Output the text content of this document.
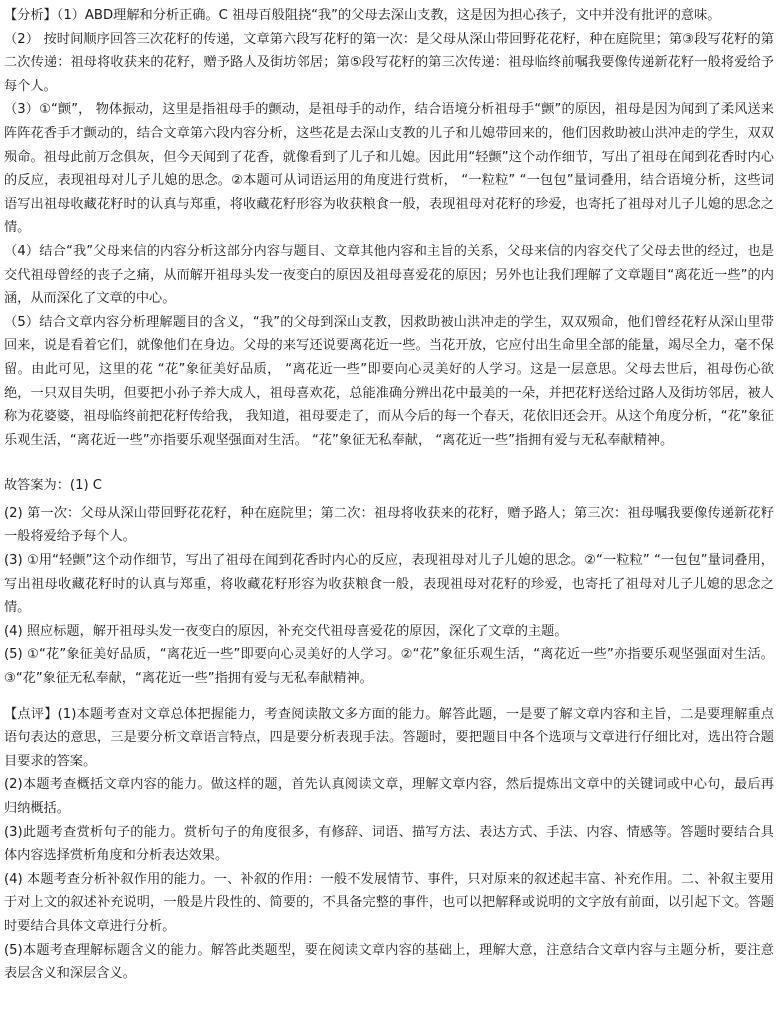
【分析】（1）ABD理解和分析正确。C 祖母百般阻挠“我”的父母去深山支教，这是因为担心孩子，文中并没有批评的意味。

（2） 按时间顺序回答三次花籽的传递，文章第六段写花籽的第一次：是父母从深山带回野花花籽，种在庭院里；第③段写花籽的第二次传递：祖母将收获来的花籽，赠予路人及街坊邻居；第⑤段写花籽的第三次传递：祖母临终前嘱我要像传递新花籽一般将爱给予每个人。

（3）①“颤”， 物体振动，这里是指祖母手的颤动，是祖母手的动作，结合语境分析祖母手“颤”的原因，祖母是因为闻到了柔风送来阵阵花香手才颤动的，结合文章第六段内容分析，这些花是去深山支教的儿子和儿媳带回来的，他们因救助被山洪冲走的学生，双双殒命。祖母此前万念俱灰，但今天闻到了花香，就像看到了儿子和儿媳。因此用“轻颤”这个动作细节，写出了祖母在闻到花香时内心的反应，表现祖母对儿子儿媳的思念。②本题可从词语运用的角度进行赏析， “一粒粒” “一包包”量词叠用，结合语境分析，这些词语写出祖母收藏花籽时的认真与郑重，将收藏花籽形容为收获粮食一般，表现祖母对花籽的珍爱，也寄托了祖母对儿子儿媳的思念之情。

（4）结合“我”父母来信的内容分析这部分内容与题目、文章其他内容和主旨的关系，父母来信的内容交代了父母去世的经过，也是交代祖母曾经的丧子之痛，从而解开祖母头发一夜变白的原因及祖母喜爱花的原因；另外也让我们理解了文章题目“离花近一些”的内涵，从而深化了文章的中心。

（5）结合文章内容分析理解题目的含义，“我”的父母到深山支教，因救助被山洪冲走的学生，双双殒命，他们曾经花籽从深山里带回来，说是看着它们，就像他们在身边。父母的来写还说要离花近一些。当花开放，它应付出生命里全部的能量，竭尽全力，毫不保留。由此可见，这里的花 “花”象征美好品质， “离花近一些”即要向心灵美好的人学习。这是一层意思。父母去世后，祖母伤心欲绝，一只双目失明，但要把小孙子养大成人，祖母喜欢花，总能准确分辨出花中最美的一朵，并把花籽送给过路人及街坊邻居，被人称为花婆婆，祖母临终前把花籽传给我， 我知道，祖母要走了，而从今后的每一个春天，花依旧还会开。从这个角度分析，“花”象征乐观生活，“离花近一些”亦指要乐观坚强面对生活。 “花”象征无私奉献， “离花近一些”指拥有爱与无私奉献精神。

故答案为：(1) C

(2) 第一次：父母从深山带回野花花籽，种在庭院里；第二次：祖母将收获来的花籽，赠予路人；第三次：祖母嘱我要像传递新花籽一般将爱给予每个人。

(3) ①用“轻颤”这个动作细节，写出了祖母在闻到花香时内心的反应，表现祖母对儿子儿媳的思念。②“一粒粒” “一包包”量词叠用，写出祖母收藏花籽时的认真与郑重，将收藏花籽形容为收获粮食一般，表现祖母对花籽的珍爱，也寄托了祖母对儿子儿媳的思念之情。

(4) 照应标题，解开祖母头发一夜变白的原因，补充交代祖母喜爱花的原因，深化了文章的主题。

(5) ①“花”象征美好品质，“离花近一些”即要向心灵美好的人学习。②“花”象征乐观生活，“离花近一些”亦指要乐观坚强面对生活。③“花”象征无私奉献，“离花近一些”指拥有爱与无私奉献精神。

【点评】(1)本题考查对文章总体把握能力，考查阅读散文多方面的能力。解答此题，一是要了解文章内容和主旨，二是要理解重点语句表达的意思，三是要分析文章语言特点，四是要分析表现手法。答题时，要把题目中各个选项与文章进行仔细比对，选出符合题目要求的答案。

(2)本题考查概括文章内容的能力。做这样的题，首先认真阅读文章，理解文章内容，然后提炼出文章中的关键词或中心句，最后再归纳概括。

(3)此题考查赏析句子的能力。赏析句子的角度很多，有修辞、词语、描写方法、表达方式、手法、内容、情感等。答题时要结合具体内容选择赏析角度和分析表达效果。

(4) 本题考查分析补叙作用的能力。一、补叙的作用：一般不发展情节、事件，只对原来的叙述起丰富、补充作用。二、补叙主要用于对上文的叙述补充说明，一般是片段性的、简要的，不具备完整的事件，也可以把解释或说明的文字放有前面，以引起下文。答题时要结合具体文章进行分析。

(5)本题考查理解标题含义的能力。解答此类题型，要在阅读文章内容的基础上，理解大意，注意结合文章内容与主题分析，要注意表层含义和深层含义。
